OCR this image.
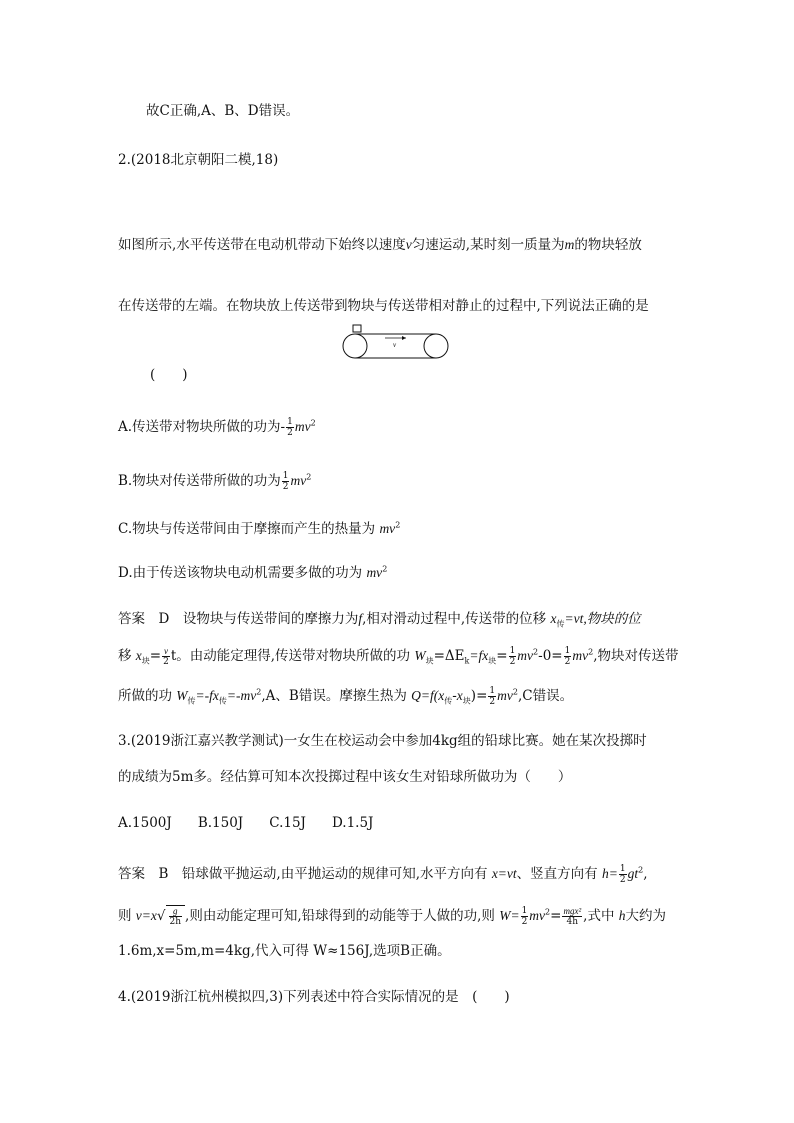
故C正确,A、B、D错误。
2.(2018北京朝阳二模,18)
如图所示,水平传送带在电动机带动下始终以速度v匀速运动,某时刻一质量为m的物块轻放
在传送带的左端。在物块放上传送带到物块与传送带相对静止的过程中,下列说法正确的是
v
(　　)
A.传送带对物块所做的功为- $\frac{1}{2} mv^2$
B.物块对传送带所做的功为 $\frac{1}{2} mv^2$
C.物块与传送带间由于摩擦而产生的热量为 $mv^2$
D.由于传送该物块电动机需要多做的功为 $mv^2$
答案　D　设物块与传送带间的摩擦力为f,相对滑动过程中,传送带的位移 $x_传=vt$,物块的位
移 $x_块= \frac{v}{2}$ t。由动能定理得,传送带对物块所做的功 $W_块=\Delta E_k=fx_块= \frac{1}{2} mv^2-0= \frac{1}{2} mv^2$,物块对传送带
所做的功 $W_传=-fx_传=-mv^2,A$、B错误。摩擦生热为 $Q=f(x_传-x_块)= \frac{1}{2} mv^2,C$错误。
3.(2019浙江嘉兴教学测试)一女生在校运动会中参加4kg组的铅球比赛。她在某次投掷时
的成绩为5m多。经估算可知本次投掷过程中该女生对铅球所做功为（　　）
A.1500J B.150J C.15J D.1.5J
答案　B　铅球做平抛运动,由平抛运动的规律可知,水平方向有 x=vt、竖直方向有 $h= \frac{1}{2} gt^2$,
则 $v=x√ \frac{g}{2h}$ ,则由动能定理可知,铅球得到的动能等于人做的功,则 $W= \frac{1}{2} mv^2= \frac{\text{mgx²}}{4h}$ ,式中 h大约为
1.6m,x=5m,m=4kg,代入可得 W≈156J,选项B正确。
4.(2019浙江杭州模拟四,3)下列表述中符合实际情况的是　(　　)
